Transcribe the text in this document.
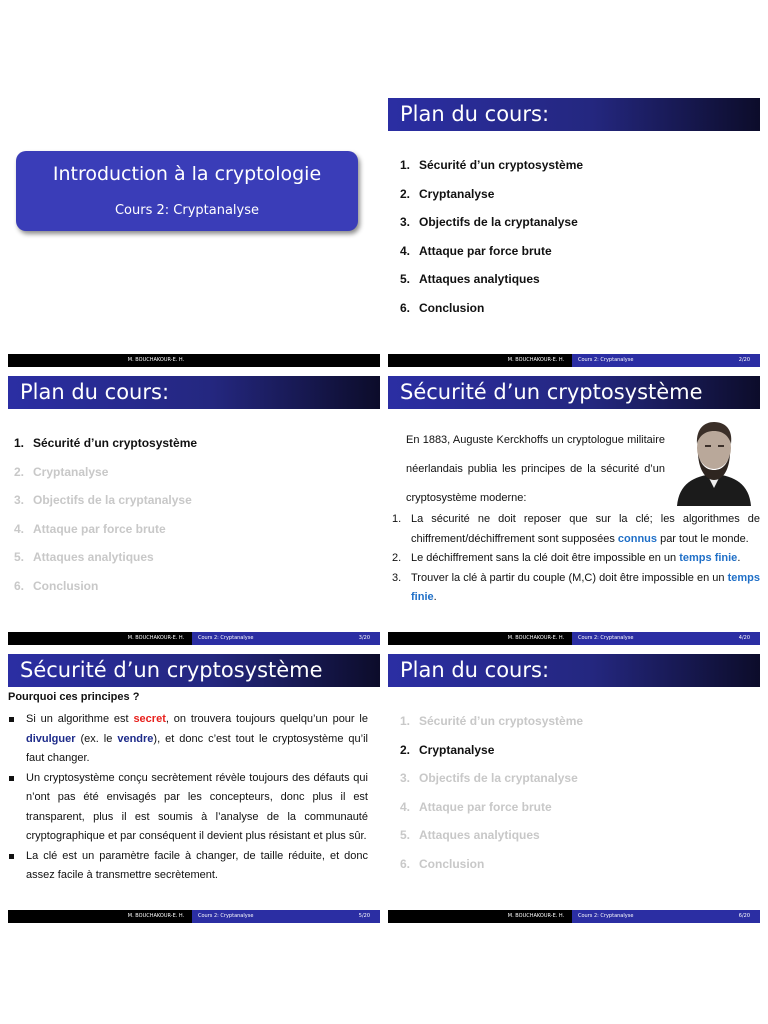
Introduction à la cryptologie
Cours 2: Cryptanalyse
M. BOUCHAKOUR-E. H.
Plan du cours:
1. Sécurité d’un cryptosystème
2. Cryptanalyse
3. Objectifs de la cryptanalyse
4. Attaque par force brute
5. Attaques analytiques
6. Conclusion
M. BOUCHAKOUR-E. H.	Cours 2: Cryptanalyse	2/20
Plan du cours:
1. Sécurité d’un cryptosystème
2. Cryptanalyse
3. Objectifs de la cryptanalyse
4. Attaque par force brute
5. Attaques analytiques
6. Conclusion
M. BOUCHAKOUR-E. H.	Cours 2: Cryptanalyse	3/20
Sécurité d’un cryptosystème
En 1883, Auguste Kerckhoffs un cryptologue militaire néerlandais publia les principes de la sécurité d’un cryptosystème moderne:
1. La sécurité ne doit reposer que sur la clé; les algorithmes de chiffrement/déchiffrement sont supposées connus par tout le monde.
2. Le déchiffrement sans la clé doit être impossible en un temps finie.
3. Trouver la clé à partir du couple (M,C) doit être impossible en un temps finie.
M. BOUCHAKOUR-E. H.	Cours 2: Cryptanalyse	4/20
Sécurité d’un cryptosystème
Pourquoi ces principes ?
Si un algorithme est secret, on trouvera toujours quelqu’un pour le divulguer (ex. le vendre), et donc c’est tout le cryptosystème qu’il faut changer.
Un cryptosystème conçu secrètement révèle toujours des défauts qui n’ont pas été envisagés par les concepteurs, donc plus il est transparent, plus il est soumis à l’analyse de la communauté cryptographique et par conséquent il devient plus résistant et plus sûr.
La clé est un paramètre facile à changer, de taille réduite, et donc assez facile à transmettre secrètement.
M. BOUCHAKOUR-E. H.	Cours 2: Cryptanalyse	5/20
Plan du cours:
1. Sécurité d’un cryptosystème
2. Cryptanalyse
3. Objectifs de la cryptanalyse
4. Attaque par force brute
5. Attaques analytiques
6. Conclusion
M. BOUCHAKOUR-E. H.	Cours 2: Cryptanalyse	6/20
